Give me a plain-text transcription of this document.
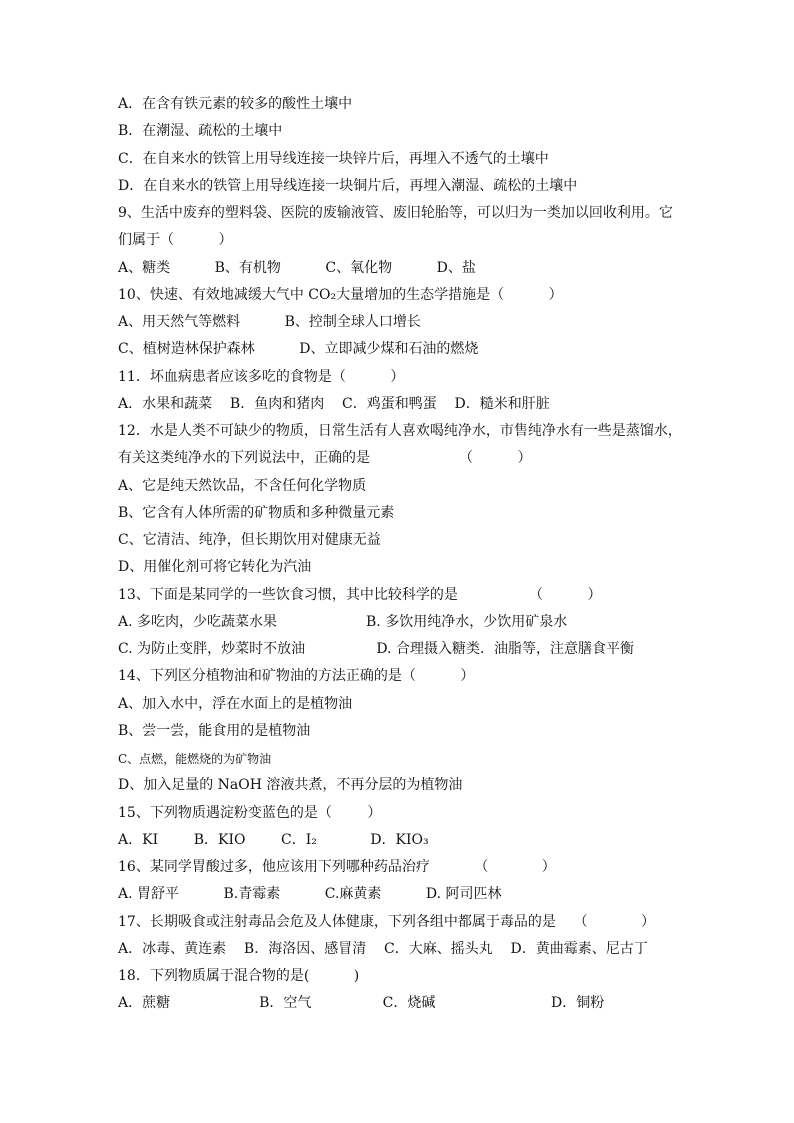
A．在含有铁元素的较多的酸性土壤中
B．在潮湿、疏松的土壤中
C．在自来水的铁管上用导线连接一块锌片后，再埋入不透气的土壤中
D．在自来水的铁管上用导线连接一块铜片后，再埋入潮湿、疏松的土壤中
9、生活中废弃的塑料袋、医院的废输液管、废旧轮胎等，可以归为一类加以回收利用。它
们属于（          ）
A、糖类          B、有机物          C、氧化物          D、盐
10、快速、有效地减缓大气中 CO₂大量增加的生态学措施是（          ）
A、用天然气等燃料          B、控制全球人口增长
C、植树造林保护森林          D、立即减少煤和石油的燃烧
11．坏血病患者应该多吃的食物是（          ）
A．水果和蔬菜    B．鱼肉和猪肉    C．鸡蛋和鸭蛋    D．糙米和肝脏
12．水是人类不可缺少的物质，日常生活有人喜欢喝纯净水，市售纯净水有一些是蒸馏水，
有关这类纯净水的下列说法中，正确的是                    （          ）
A、它是纯天然饮品，不含任何化学物质
B、它含有人体所需的矿物质和多种微量元素
C、它清洁、纯净，但长期饮用对健康无益
D、用催化剂可将它转化为汽油
13、下面是某同学的一些饮食习惯，其中比较科学的是                （          ）
A. 多吃肉，少吃蔬菜水果                    B. 多饮用纯净水，少饮用矿泉水
C. 为防止变胖，炒菜时不放油                D. 合理摄入糖类．油脂等，注意膳食平衡
14、下列区分植物油和矿物油的方法正确的是（          ）
A、加入水中，浮在水面上的是植物油
B、尝一尝，能食用的是植物油
C、点燃，能燃烧的为矿物油
D、加入足量的 NaOH 溶液共煮，不再分层的为植物油
15、下列物质遇淀粉变蓝色的是（        ）
A．KI        B．KIO        C．I₂            D．KIO₃
16、某同学胃酸过多，他应该用下列哪种药品治疗          （            ）
A. 胃舒平          B.青霉素          C.麻黄素          D. 阿司匹林
17、长期吸食或注射毒品会危及人体健康，下列各组中都属于毒品的是    （            ）
A．冰毒、黄连素    B．海洛因、感冒清    C．大麻、摇头丸    D．黄曲霉素、尼古丁
18．下列物质属于混合物的是(          )
A．蔗糖                    B．空气                C．烧碱                          D．铜粉
